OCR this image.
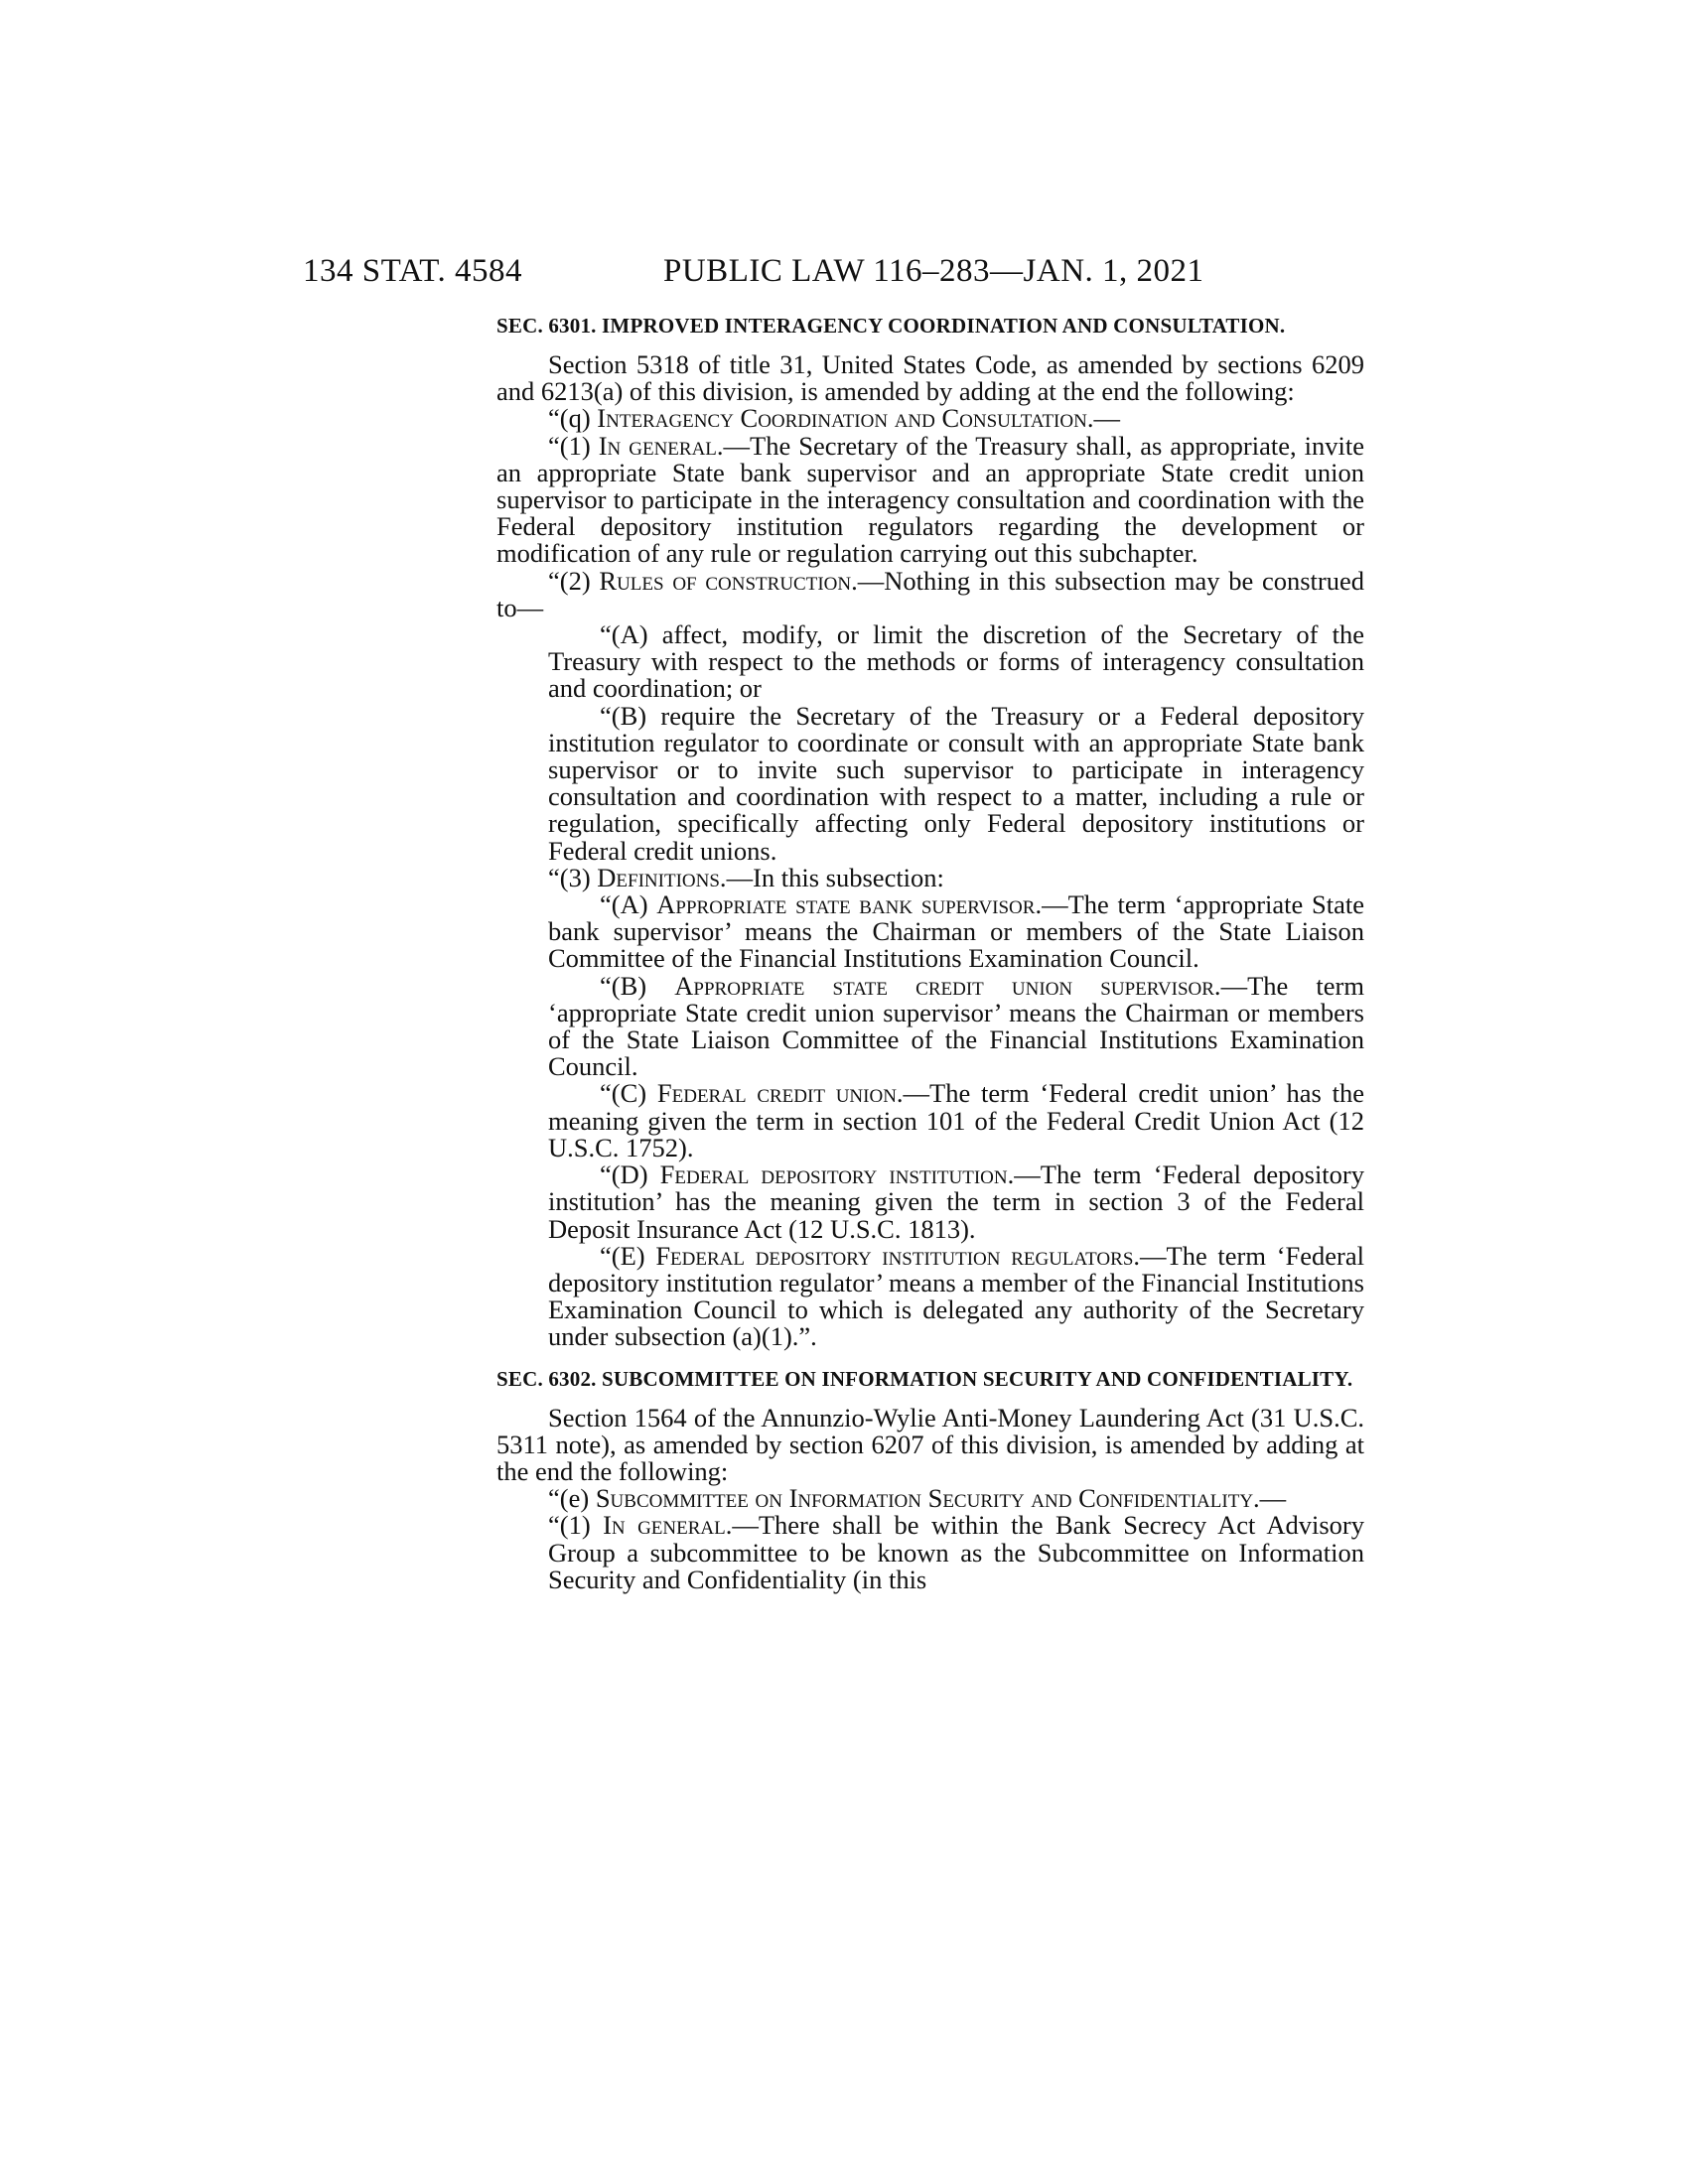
134 STAT. 4584	PUBLIC LAW 116–283—JAN. 1, 2021
SEC. 6301. IMPROVED INTERAGENCY COORDINATION AND CONSULTATION.

Section 5318 of title 31, United States Code, as amended by sections 6209 and 6213(a) of this division, is amended by adding at the end the following:

“(q) Interagency Coordination and Consultation.—

“(1) In general.—The Secretary of the Treasury shall, as appropriate, invite an appropriate State bank supervisor and an appropriate State credit union supervisor to participate in the interagency consultation and coordination with the Federal depository institution regulators regarding the development or modification of any rule or regulation carrying out this subchapter.

“(2) Rules of construction.—Nothing in this subsection may be construed to—

“(A) affect, modify, or limit the discretion of the Secretary of the Treasury with respect to the methods or forms of interagency consultation and coordination; or

“(B) require the Secretary of the Treasury or a Federal depository institution regulator to coordinate or consult with an appropriate State bank supervisor or to invite such supervisor to participate in interagency consultation and coordination with respect to a matter, including a rule or regulation, specifically affecting only Federal depository institutions or Federal credit unions.

“(3) Definitions.—In this subsection:

“(A) Appropriate state bank supervisor.—The term ‘appropriate State bank supervisor’ means the Chairman or members of the State Liaison Committee of the Financial Institutions Examination Council.

“(B) Appropriate state credit union supervisor.—The term ‘appropriate State credit union supervisor’ means the Chairman or members of the State Liaison Committee of the Financial Institutions Examination Council.

“(C) Federal credit union.—The term ‘Federal credit union’ has the meaning given the term in section 101 of the Federal Credit Union Act (12 U.S.C. 1752).

“(D) Federal depository institution.—The term ‘Federal depository institution’ has the meaning given the term in section 3 of the Federal Deposit Insurance Act (12 U.S.C. 1813).

“(E) Federal depository institution regulators.—The term ‘Federal depository institution regulator’ means a member of the Financial Institutions Examination Council to which is delegated any authority of the Secretary under subsection (a)(1).”.

SEC. 6302. SUBCOMMITTEE ON INFORMATION SECURITY AND CONFIDENTIALITY.

Section 1564 of the Annunzio-Wylie Anti-Money Laundering Act (31 U.S.C. 5311 note), as amended by section 6207 of this division, is amended by adding at the end the following:

“(e) Subcommittee on Information Security and Confidentiality.—

“(1) In general.—There shall be within the Bank Secrecy Act Advisory Group a subcommittee to be known as the Subcommittee on Information Security and Confidentiality (in this
